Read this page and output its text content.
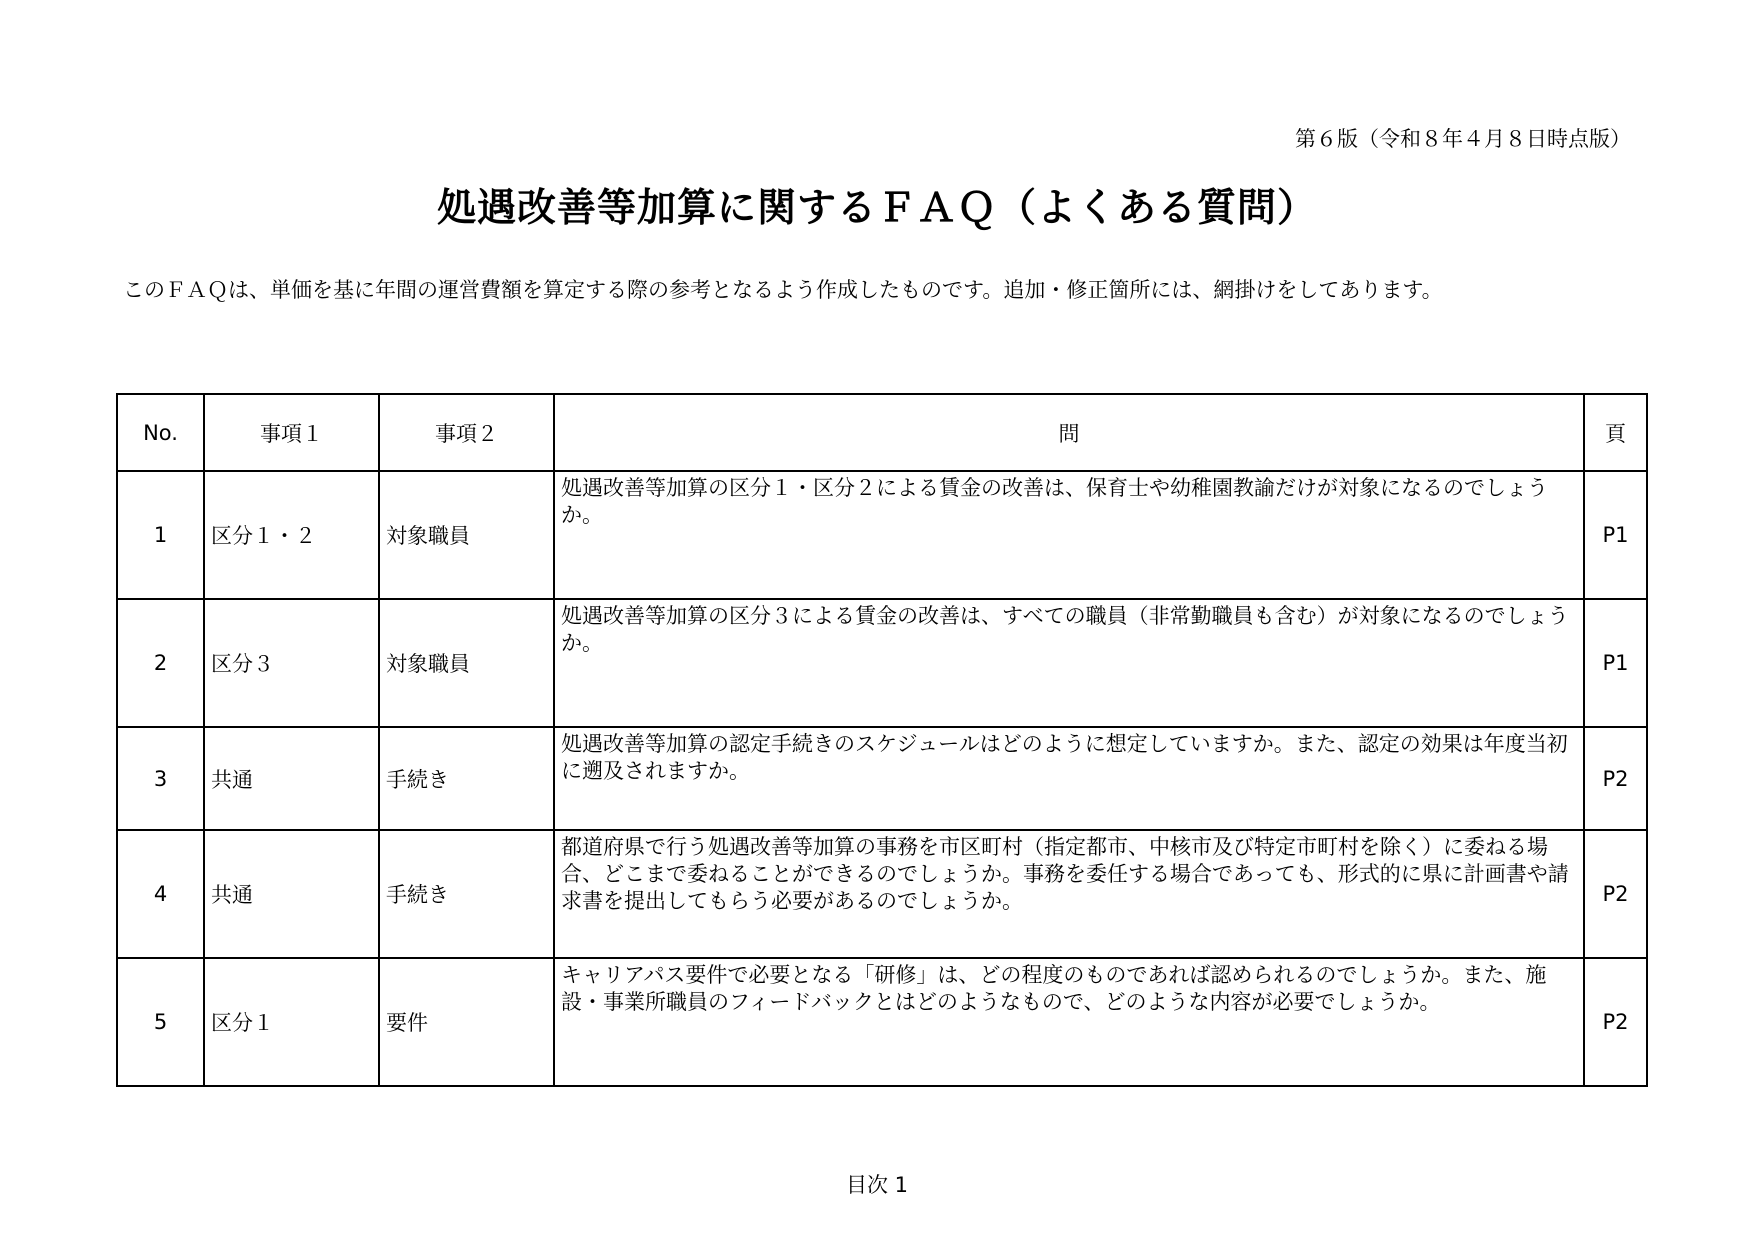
第６版（令和８年４月８日時点版）
処遇改善等加算に関するＦＡＱ（よくある質問）
このＦＡＱは、単価を基に年間の運営費額を算定する際の参考となるよう作成したものです。追加・修正箇所には、網掛けをしてあります。
No.	事項１	事項２	問	頁
1	区分１・２	対象職員	処遇改善等加算の区分１・区分２による賃金の改善は、保育士や幼稚園教諭だけが対象になるのでしょうか。	P1
2	区分３	対象職員	処遇改善等加算の区分３による賃金の改善は、すべての職員（非常勤職員も含む）が対象になるのでしょうか。	P1
3	共通	手続き	処遇改善等加算の認定手続きのスケジュールはどのように想定していますか。また、認定の効果は年度当初に遡及されますか。	P2
4	共通	手続き	都道府県で行う処遇改善等加算の事務を市区町村（指定都市、中核市及び特定市町村を除く）に委ねる場合、どこまで委ねることができるのでしょうか。事務を委任する場合であっても、形式的に県に計画書や請求書を提出してもらう必要があるのでしょうか。	P2
5	区分１	要件	キャリアパス要件で必要となる「研修」は、どの程度のものであれば認められるのでしょうか。また、施設・事業所職員のフィードバックとはどのようなもので、どのような内容が必要でしょうか。	P2
目次 1
